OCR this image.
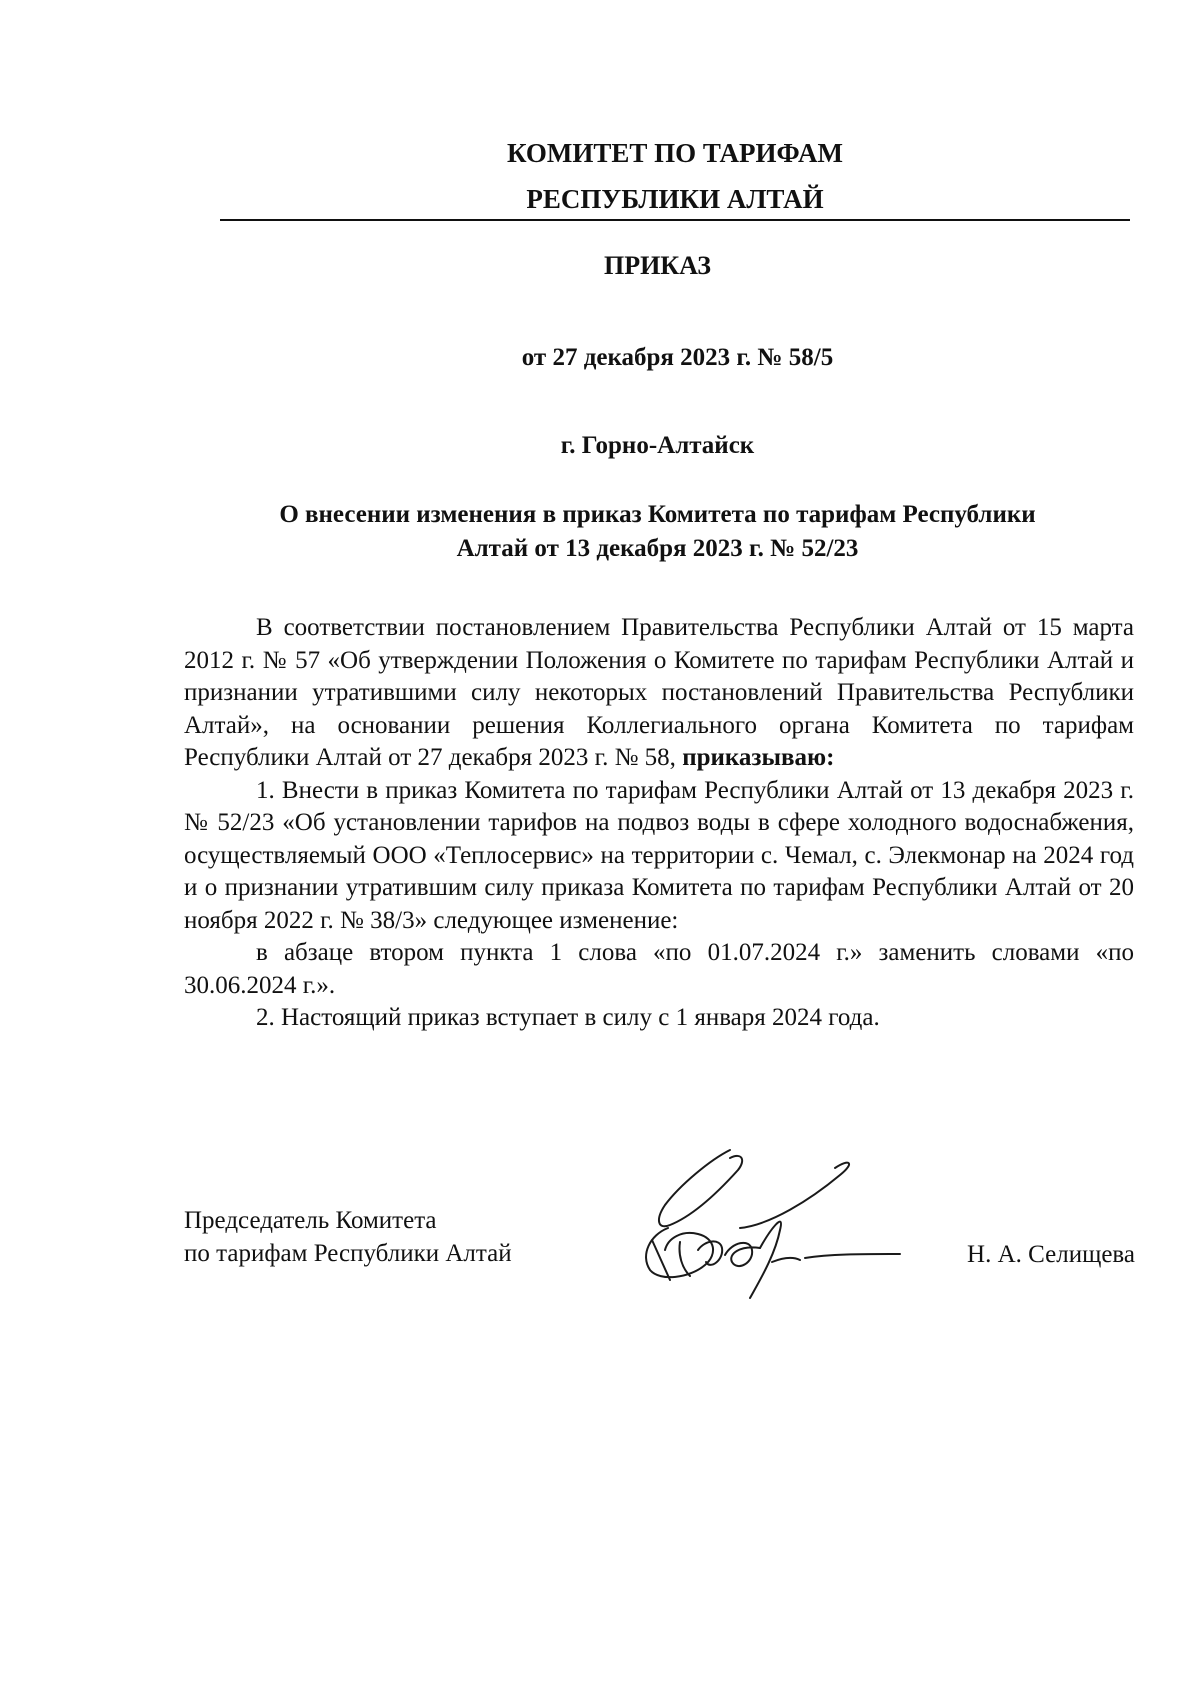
КОМИТЕТ ПО ТАРИФАМ
РЕСПУБЛИКИ АЛТАЙ
ПРИКАЗ
от 27 декабря 2023 г. № 58/5
г. Горно-Алтайск
О внесении изменения в приказ Комитета по тарифам Республики
Алтай от 13 декабря 2023 г. № 52/23

В соответствии постановлением Правительства Республики Алтай от 15 марта 2012 г. № 57 «Об утверждении Положения о Комитете по тарифам Республики Алтай и признании утратившими силу некоторых постановлений Правительства Республики Алтай», на основании решения Коллегиального органа Комитета по тарифам Республики Алтай от 27 декабря 2023 г. № 58, приказываю:

1. Внести в приказ Комитета по тарифам Республики Алтай от 13 декабря 2023 г. № 52/23 «Об установлении тарифов на подвоз воды в сфере холодного водоснабжения, осуществляемый ООО «Теплосервис» на территории с. Чемал, с. Элекмонар на 2024 год и о признании утратившим силу приказа Комитета по тарифам Республики Алтай от 20 ноября 2022 г. № 38/3» следующее изменение:

в абзаце втором пункта 1 слова «по 01.07.2024 г.» заменить словами «по 30.06.2024 г.».

2. Настоящий приказ вступает в силу с 1 января 2024 года.

Председатель Комитета
по тарифам Республики Алтай	Н. А. Селищева
